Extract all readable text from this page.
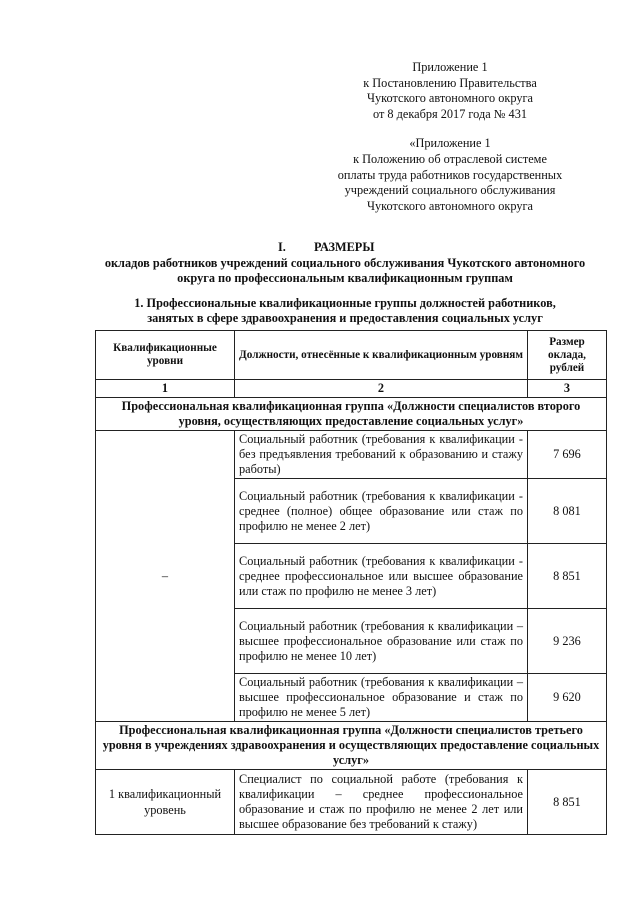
Приложение 1
к Постановлению Правительства
Чукотского автономного округа
от 8 декабря 2017 года № 431
«Приложение 1
к Положению об отраслевой системе
оплаты труда работников государственных
учреждений социального обслуживания
Чукотского автономного округа
I. РАЗМЕРЫ
окладов работников учреждений социального обслуживания Чукотского автономного
округа по профессиональным квалификационным группам
1. Профессиональные квалификационные группы должностей работников,
занятых в сфере здравоохранения и предоставления социальных услуг
Квалификационные уровни	Должности, отнесённые к квалификационным уровням	Размер оклада, рублей
1	2	3
Профессиональная квалификационная группа «Должности специалистов второго уровня, осуществляющих предоставление социальных услуг»		
–	Социальный работник (требования к квалификации - без предъявления требований к образованию и стажу работы)	7 696
	Социальный работник (требования к квалификации - среднее (полное) общее образование или стаж по профилю не менее 2 лет)	8 081
	Социальный работник (требования к квалификации - среднее профессиональное или высшее образование или стаж по профилю не менее 3 лет)	8 851
	Социальный работник (требования к квалификации – высшее профессиональное образование или стаж по профилю не менее 10 лет)	9 236
	Социальный работник (требования к квалификации – высшее профессиональное образование и стаж по профилю не менее 5 лет)	9 620
Профессиональная квалификационная группа «Должности специалистов третьего уровня в учреждениях здравоохранения и осуществляющих предоставление социальных услуг»		
1 квалификационный уровень	Специалист по социальной работе (требования к квалификации – среднее профессиональное образование и стаж по профилю не менее 2 лет или высшее образование без требований к стажу)	8 851
